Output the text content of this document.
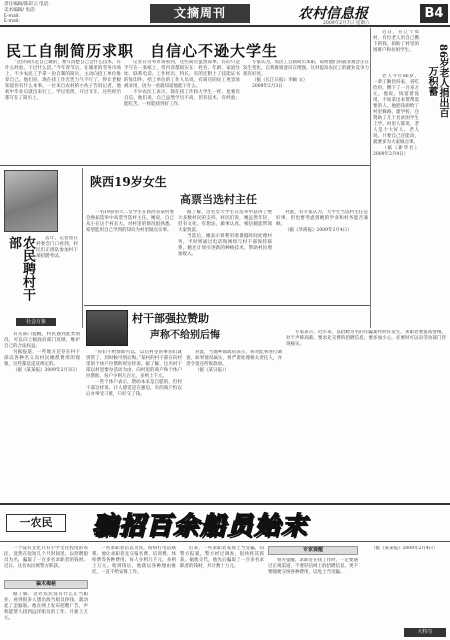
责任编辑/陈彩云 电话：
美术编辑/ 电话：
E-mail:
E-mail:
文摘周刊	农村信息报
2009年2月7日 星期六
B4
民工自制简历求职　自信心不逊大学生

“这份简历是自己做的，要写清楚自己会什么技术，有什么经验，干过什么活。”今年春节后，在城里的劳务市场上，不少农民工手拿一份自制的简历，主动向招工单位推荐自己。他们说，现在找工作光凭力气不行了，得让老板知道你有什么本事。一位来自农村的小伙子告诉记者，他初中毕业后就出来打工，学过电焊，开过叉车，这些经历都写在了简历上。

记者在劳务市场看到，这些简历虽然简单，有的只是手写在一张纸上，但内容都很实在：姓名、年龄、家庭住址、联系电话、工作经历、特长。有的还附上了技能证书的复印件。招工单位的工作人员说，有简历的民工更容易被录用，因为一看就知道他能干什么。

不少农民工表示，现在找工作和大学生一样，也要有自信。他们说，自己虽然学历不高，但有技术、有经验、能吃苦，一样能找到好工作。

专家认为，农民工自制简历求职，说明他们的就业观念正在发生变化，自我推销意识在增强。这对提高农民工的就业竞争力很有好处。

（据《长江日报》李颖 文）

2009年2月3日

近日，在辽宁农村，有位老人用自己攒下的钱，捐助了村里的困难户和贫困学生。	86岁老人捐出百万积蓄

老人今年86岁，一辈子勤俭持家，省吃俭用，攒下了一百多万元。他说，钱留着没用，不如拿出来帮帮需要的人。他把钱捐给了村里修路、建学校，还资助了几十名贫困学生上学。村里人都说，老人是个大好人。老人说，只要自己还能动，就要多为大家做点事。

（据《新华社》2009年2月4日）

农民聘村干部	去年，记者曾在村委会门口看到，村民们正排队参加村干部招聘考试。

社会万象
陕西19岁女生
高票当选村主任

一名19岁的大二女学生在陕西省某村委会换届选举中高票当选村主任。她说，自己从小在这个村长大，对村里的情况很熟悉，希望能用自己学到的知识为村里做点实事。

据了解，这名女大学生在选举中获得了绝大多数村民的支持。村民们说，她虽然年轻，但有文化、有想法，做事认真，相信她能带领大家致富。

当选后，她表示将利用寒暑假时间处理村务，平时则通过电话和网络与村干部保持联系。她还计划引进新的种植技术，帮助村民增加收入。

对此，有专家认为，大学生当选村主任是好事，但也要考虑到她的学业和村务能否兼顾。

（据《华商报》2009年2月4日）

村干部强拉赞助
声称不给别后悔

“你们不给赞助可以，以后村里的事你们就别管了，到时候可别后悔。”某村的村干部在向村里的个体户拉赞助时这样说。据了解，这名村干部以村里要办活动为由，向村里的商户和个体户拉赞助，每户少则几百元，多则上千元。

一些个体户表示，赞助本来是自愿的，但村干部这样说，让人感觉是在强迫。有的商户怕以后办事受刁难，只好交了钱。

对此，当地乡镇政府表示，将对此事进行调查，如果情况属实，将严肃处理相关责任人，并责令退还所收款项。

（据《某日报》）

有关部门提醒，村民遇到此类情况，可以向上级政府部门反映，维护自己的合法权益。

另据报道，一些地方还存在村干部以各种名义向村民摊派费用的现象，这些都是违反规定的。

（据《某某报》2009年2月3日）

专家表示，近年来，以招聘为名的诈骗案件时有发生，求职者要提高警惕。对于声称高薪、要求先交费的招聘信息，要多加小心，必要时可以向劳动部门咨询核实。

一农民	骗招百余船员始末

一个没有文化只有小学文化程度的农民，竟然在短短几个月时间里，以招聘船员为名，骗取了一百多名求职者的钱财。近日，这名农民被警方抓获。

骗术揭秘

据了解，这名农民没有什么正当职业，看到很多人想出海当船员挣钱，就动起了歪脑筋。他在网上发布招聘广告，声称能帮人找到远洋船员的工作，月薪上万元。

一些求职者信以为真，纷纷打电话联系。他让求职者先交报名费、培训费、体检费等各种费用，每人少则几千元，多则上万元。收到钱后，他就以各种理由推托，一直不给安排工作。

后来，一些求职者发现上当受骗，向警方报案。警方经过调查，很快将其抓获。据他交代，他先后骗取了一百多名求职者的钱财，共计数十万元。

专家提醒

警方提醒，求职者在找工作时，一定要通过正规渠道，不要轻信网上的招聘信息，更不要随便交纳各种费用，以免上当受骗。

（据《某某报》2009年2月4日）

大特写
